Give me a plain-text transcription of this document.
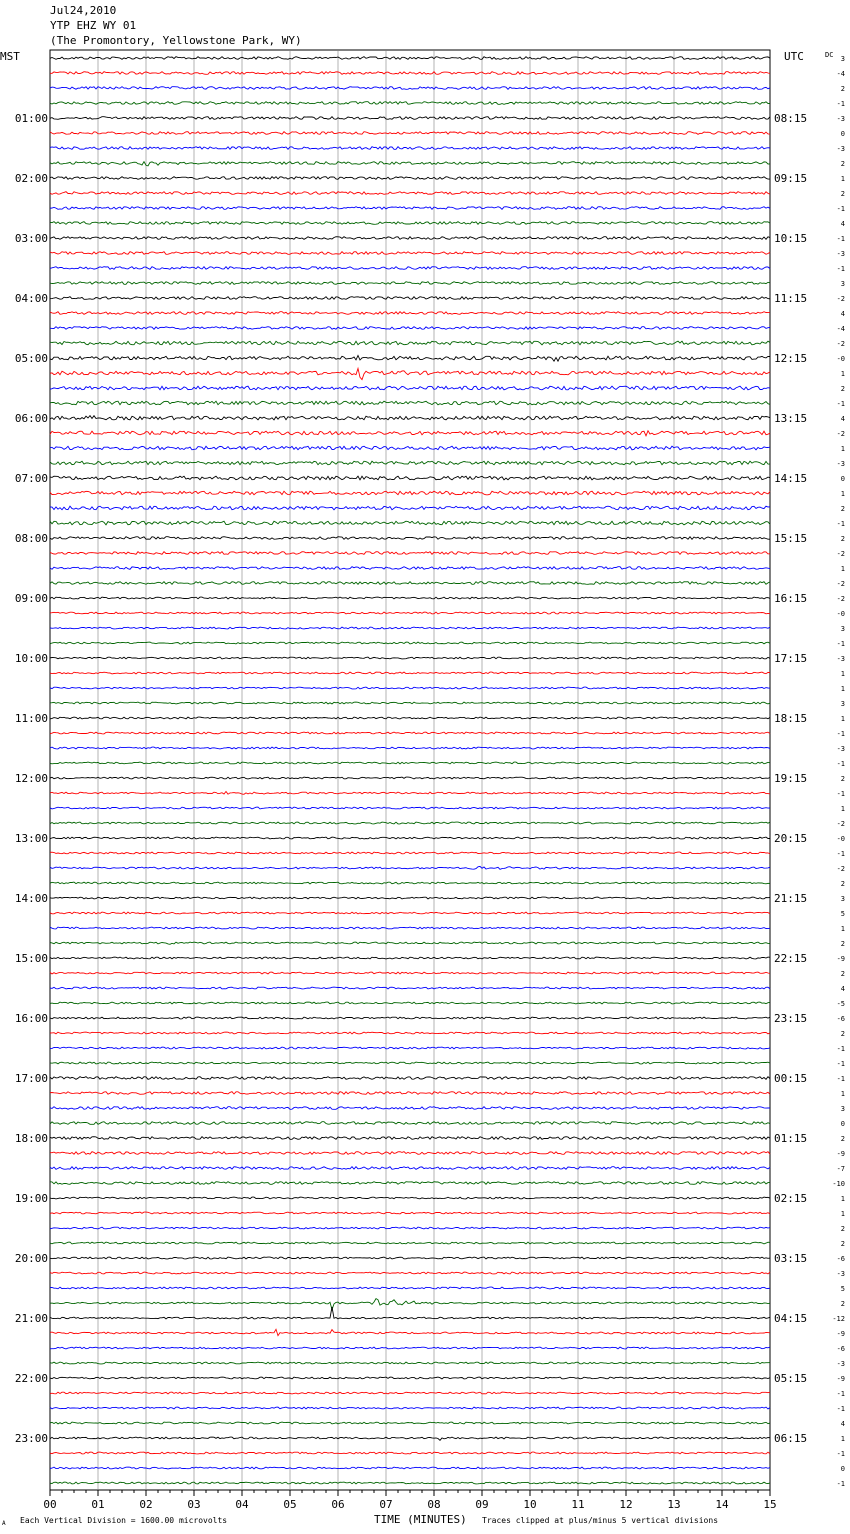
Jul24,2010
YTP EHZ WY 01
(The Promontory, Yellowstone Park, WY)
MST	UTC	DC
01:00
02:00
03:00
04:00
05:00
06:00
07:00
08:00
09:00
10:00
11:00
12:00
13:00
14:00
15:00
16:00
17:00
18:00
19:00
20:00
21:00
22:00
23:00
08:15
09:15
10:15
11:15
12:15
13:15
14:15
15:15
16:15
17:15
18:15
19:15
20:15
21:15
22:15
23:15
00:15
01:15
02:15
03:15
04:15
05:15
06:15
3
-4
2
-1
-3
0
-3
2
1
2
-1
4
-1
-3
-1
3
-2
4
-4
-2
-0
1
2
-1
4
-2
1
-3
0
1
2
-1
2
-2
1
-2
-2
-0
3
-1
-3
1
1
3
1
-1
-3
-1
2
-1
1
-2
-0
-1
-2
2
3
5
1
2
-9
2
4
-5
-6
2
-1
-1
-1
1
3
0
2
-9
-7
-10
1
1
2
2
-6
-3
5
2
-12
-9
-6
-3
-9
-1
-1
4
1
-1
0
-1
00	01	02	03	04	05	06	07	08	09	10	11	12	13	14	15
A Each Vertical Division = 1600.00 microvolts	TIME (MINUTES) Traces clipped at plus/minus 5 vertical divisions
